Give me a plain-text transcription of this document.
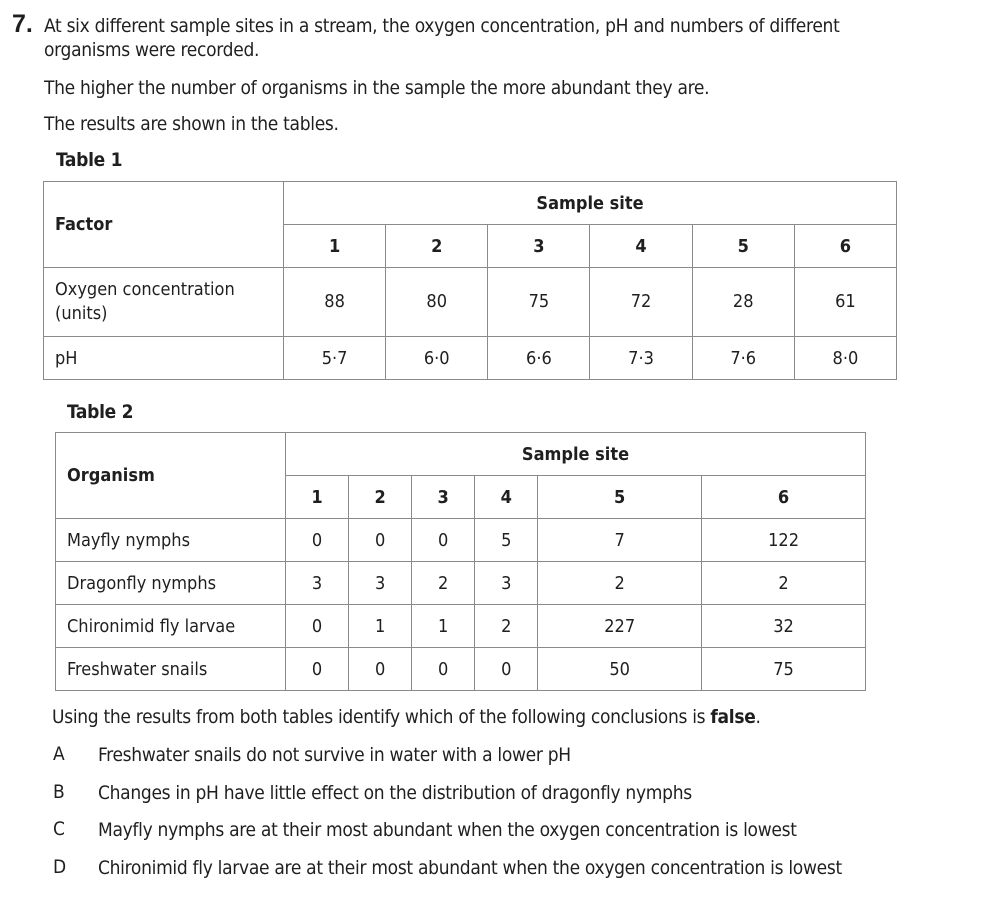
7. At six different sample sites in a stream, the oxygen concentration, pH and numbers of different organisms were recorded.
The higher the number of organisms in the sample the more abundant they are.
The results are shown in the tables.
Table 1
Factor	Sample site					
	1	2	3	4	5	6
Oxygen concentration (units)	88	80	75	72	28	61
pH	5·7	6·0	6·6	7·3	7·6	8·0
Table 2
Organism	Sample site					
	1	2	3	4	5	6
Mayfly nymphs	0	0	0	5	7	122
Dragonfly nymphs	3	3	2	3	2	2
Chironimid fly larvae	0	1	1	2	227	32
Freshwater snails	0	0	0	0	50	75
Using the results from both tables identify which of the following conclusions is false.
A	Freshwater snails do not survive in water with a lower pH
B	Changes in pH have little effect on the distribution of dragonfly nymphs
C	Mayfly nymphs are at their most abundant when the oxygen concentration is lowest
D	Chironimid fly larvae are at their most abundant when the oxygen concentration is lowest
